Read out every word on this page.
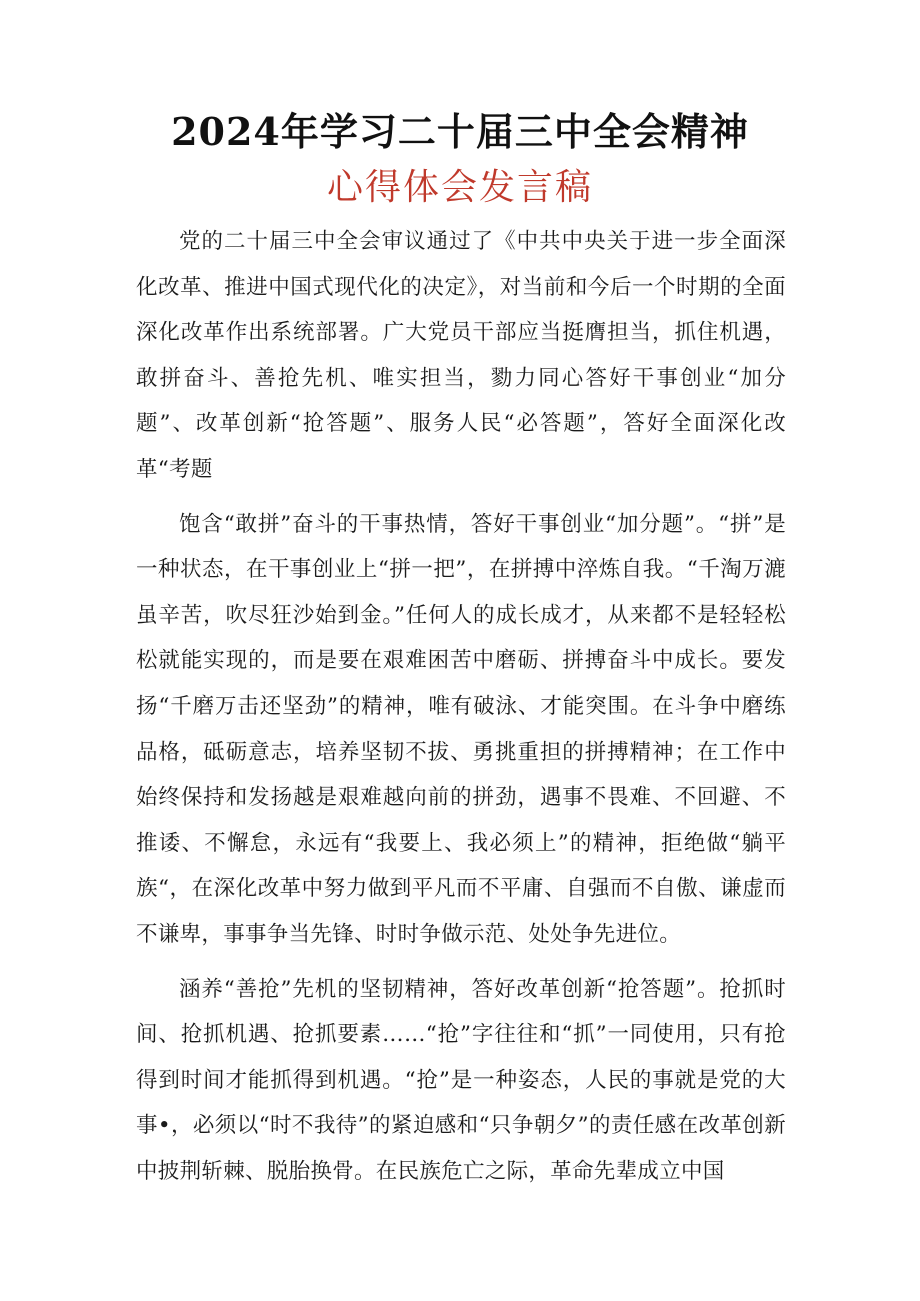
2024年学习二十届三中全会精神
心得体会发言稿

党的二十届三中全会审议通过了《中共中央关于进一步全面深化改革、推进中国式现代化的决定》，对当前和今后一个时期的全面深化改革作出系统部署。广大党员干部应当挺膺担当，抓住机遇，敢拼奋斗、善抢先机、唯实担当，勠力同心答好干事创业“加分题”、改革创新“抢答题”、服务人民“必答题”，答好全面深化改革“考题

饱含“敢拼”奋斗的干事热情，答好干事创业“加分题”。“拼”是一种状态，在干事创业上“拼一把”，在拼搏中淬炼自我。“千淘万漉虽辛苦，吹尽狂沙始到金。”任何人的成长成才，从来都不是轻轻松松就能实现的，而是要在艰难困苦中磨砺、拼搏奋斗中成长。要发扬“千磨万击还坚劲”的精神，唯有破泳、才能突围。在斗争中磨练品格，砥砺意志，培养坚韧不拔、勇挑重担的拼搏精神；在工作中始终保持和发扬越是艰难越向前的拼劲，遇事不畏难、不回避、不推诿、不懈怠，永远有“我要上、我必须上”的精神，拒绝做“躺平族“，在深化改革中努力做到平凡而不平庸、自强而不自傲、谦虚而不谦卑，事事争当先锋、时时争做示范、处处争先进位。

涵养“善抢”先机的坚韧精神，答好改革创新“抢答题”。抢抓时间、抢抓机遇、抢抓要素……“抢”字往往和“抓”一同使用，只有抢得到时间才能抓得到机遇。“抢”是一种姿态，人民的事就是党的大事•，必须以“时不我待”的紧迫感和“只争朝夕”的责任感在改革创新中披荆斩棘、脱胎换骨。在民族危亡之际，革命先辈成立中国
